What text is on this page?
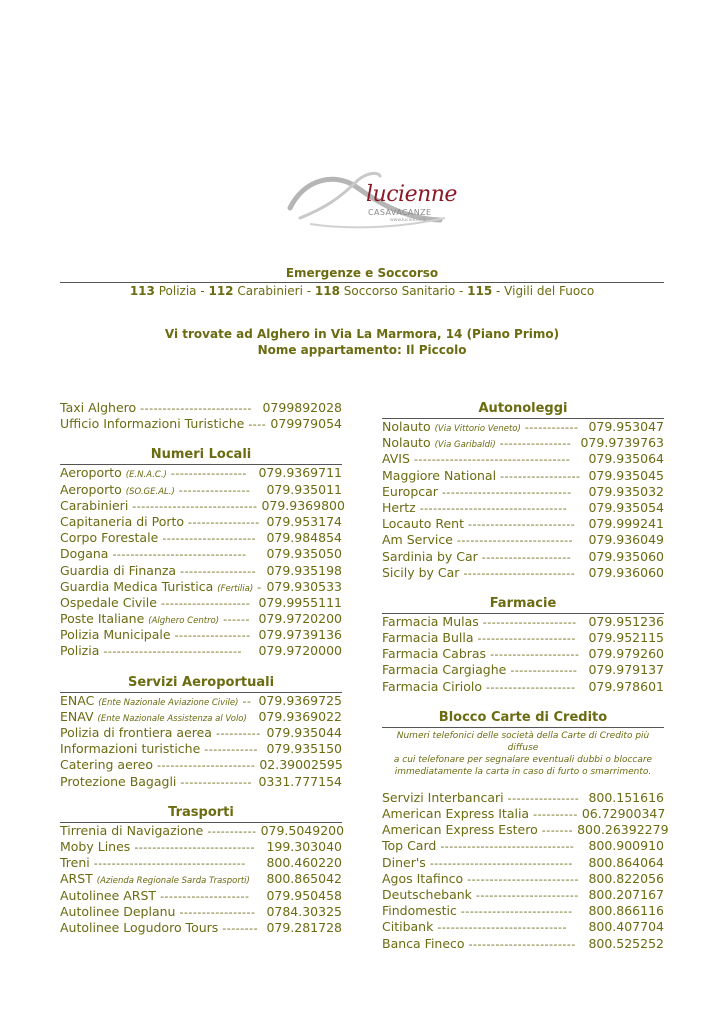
lucienne
CASAVACANZE
www.lucienne.it
Emergenze e Soccorso
113 Polizia - 112 Carabinieri - 118 Soccorso Sanitario - 115 - Vigili del Fuoco
Vi trovate ad Alghero in Via La Marmora, 14 (Piano Primo)
Nome appartamento: Il Piccolo
Taxi Alghero ------------------------- 0799892028
Ufficio Informazioni Turistiche ---- 079979054
Numeri Locali
Aeroporto (E.N.A.C.) ----------------- 079.9369711
Aeroporto (SO.GE.AL.) ----------------	079.935011
Carabinieri ---------------------------- 079.9369800
Capitaneria di Porto ---------------- 079.953174
Corpo Forestale --------------------- 079.984854
Dogana ------------------------------	079.935050
Guardia di Finanza ----------------- 079.935198
Guardia Medica Turistica (Fertilia) - 079.930533
Ospedale Civile -------------------- 079.9955111
Poste Italiane (Alghero Centro) ------ 079.9720200
Polizia Municipale ----------------- 079.9739136
Polizia -------------------------------	079.9720000
Servizi Aeroportuali
ENAC (Ente Nazionale Aviazione Civile) -- 079.9369725
ENAV (Ente Nazionale Assistenza al Volo) 079.9369022
Polizia di frontiera aerea ---------- 079.935044
Informazioni turistiche ------------ 079.935150
Catering aereo ---------------------- 02.39002595
Protezione Bagagli ---------------- 0331.777154
Trasporti
Tirrenia di Navigazione ----------- 079.5049200
Moby Lines --------------------------- 199.303040
Treni ----------------------------------	800.460220
ARST (Azienda Regionale Sarda Trasporti) 800.865042
Autolinee ARST --------------------	079.950458
Autolinee Deplanu ----------------- 0784.30325
Autolinee Logudoro Tours -------- 079.281728
Autonoleggi
Nolauto (Via Vittorio Veneto) ------------ 079.953047
Nolauto (Via Garibaldi) ---------------- 079.9739763
AVIS -----------------------------------	079.935064
Maggiore National ------------------ 079.935045
Europcar -----------------------------	079.935032
Hertz ---------------------------------	079.935054
Locauto Rent ------------------------	079.999241
Am Service --------------------------	079.936049
Sardinia by Car --------------------	079.935060
Sicily by Car -------------------------	079.936060
Farmacie
Farmacia Mulas --------------------- 079.951236
Farmacia Bulla ----------------------	079.952115
Farmacia Cabras -------------------- 079.979260
Farmacia Cargiaghe --------------- 079.979137
Farmacia Ciriolo --------------------	079.978601
Blocco Carte di Credito
Numeri telefonici delle società della Carte di Credito più diffuse
a cui telefonare per segnalare eventuali dubbi o bloccare
immediatamente la carta in caso di furto o smarrimento.
Servizi Interbancari ---------------- 800.151616
American Express Italia ---------- 06.72900347
American Express Estero ------- 800.26392279
Top Card ------------------------------	800.900910
Diner's --------------------------------	800.864064
Agos Itafinco ------------------------- 800.822056
Deutschebank ----------------------- 800.207167
Findomestic -------------------------	800.866116
Citibank -----------------------------	800.407704
Banca Fineco ------------------------	800.525252
